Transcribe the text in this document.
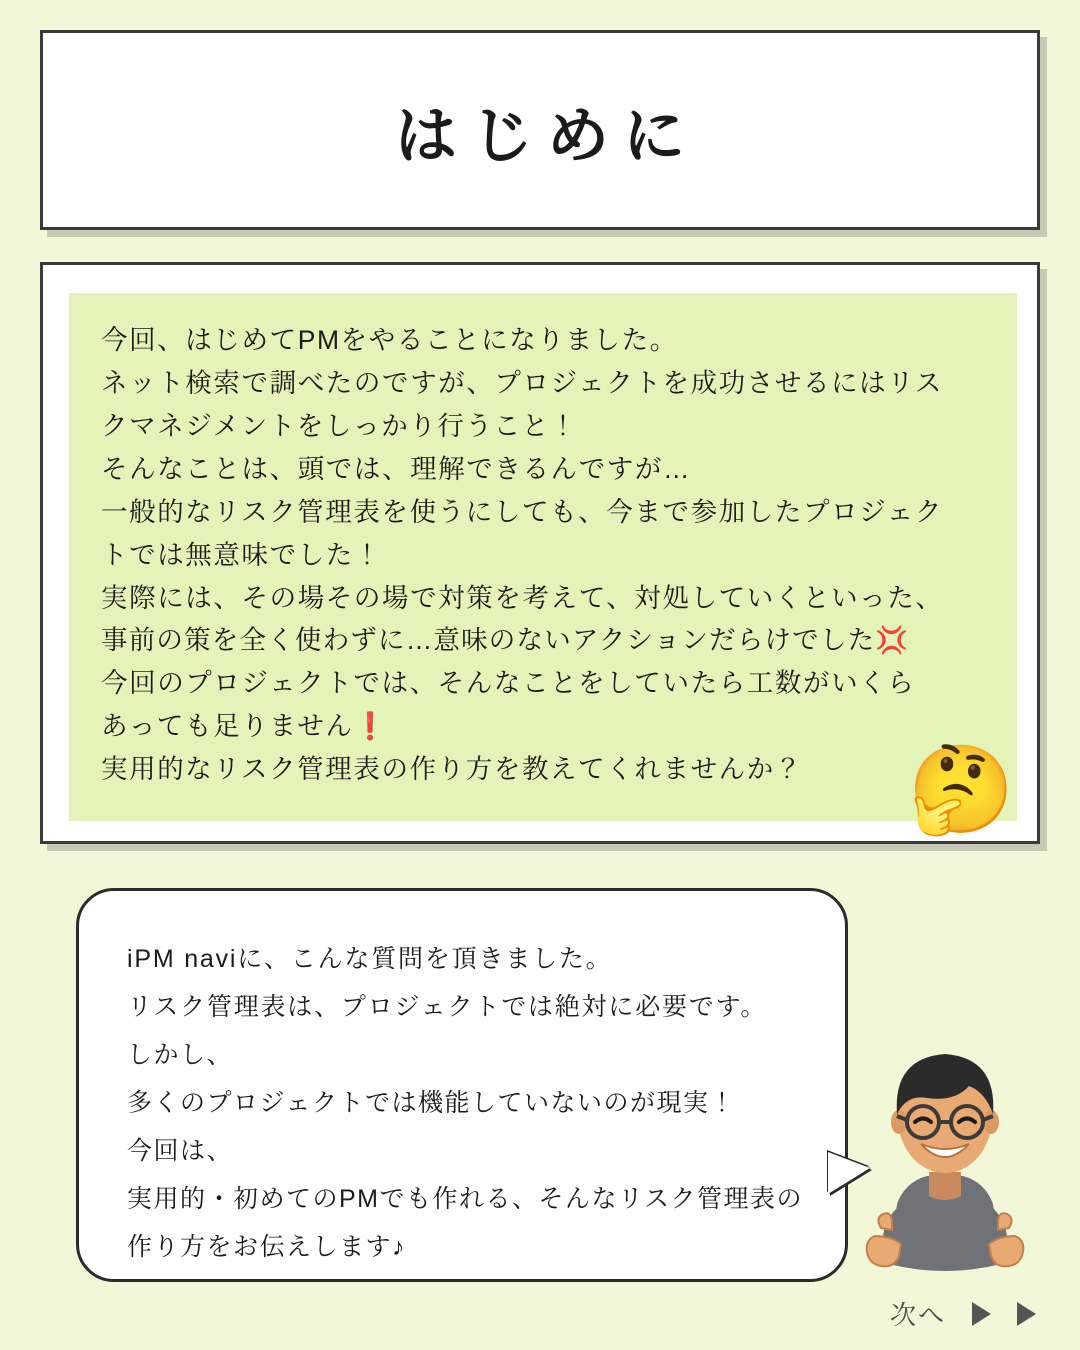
はじめに
今回、はじめてPMをやることになりました。
ネット検索で調べたのですが、プロジェクトを成功させるにはリス
クマネジメントをしっかり行うこと！
そんなことは、頭では、理解できるんですが…
一般的なリスク管理表を使うにしても、今まで参加したプロジェク
トでは無意味でした！
実際には、その場その場で対策を考えて、対処していくといった、
事前の策を全く使わずに…意味のないアクションだらけでした💢
今回のプロジェクトでは、そんなことをしていたら工数がいくら
あっても足りません❗
実用的なリスク管理表の作り方を教えてくれませんか？	🤔
iPM naviに、こんな質問を頂きました。
リスク管理表は、プロジェクトでは絶対に必要です。
しかし、
多くのプロジェクトでは機能していないのが現実！
今回は、
実用的・初めてのPMでも作れる、そんなリスク管理表の
作り方をお伝えします♪
次へ
